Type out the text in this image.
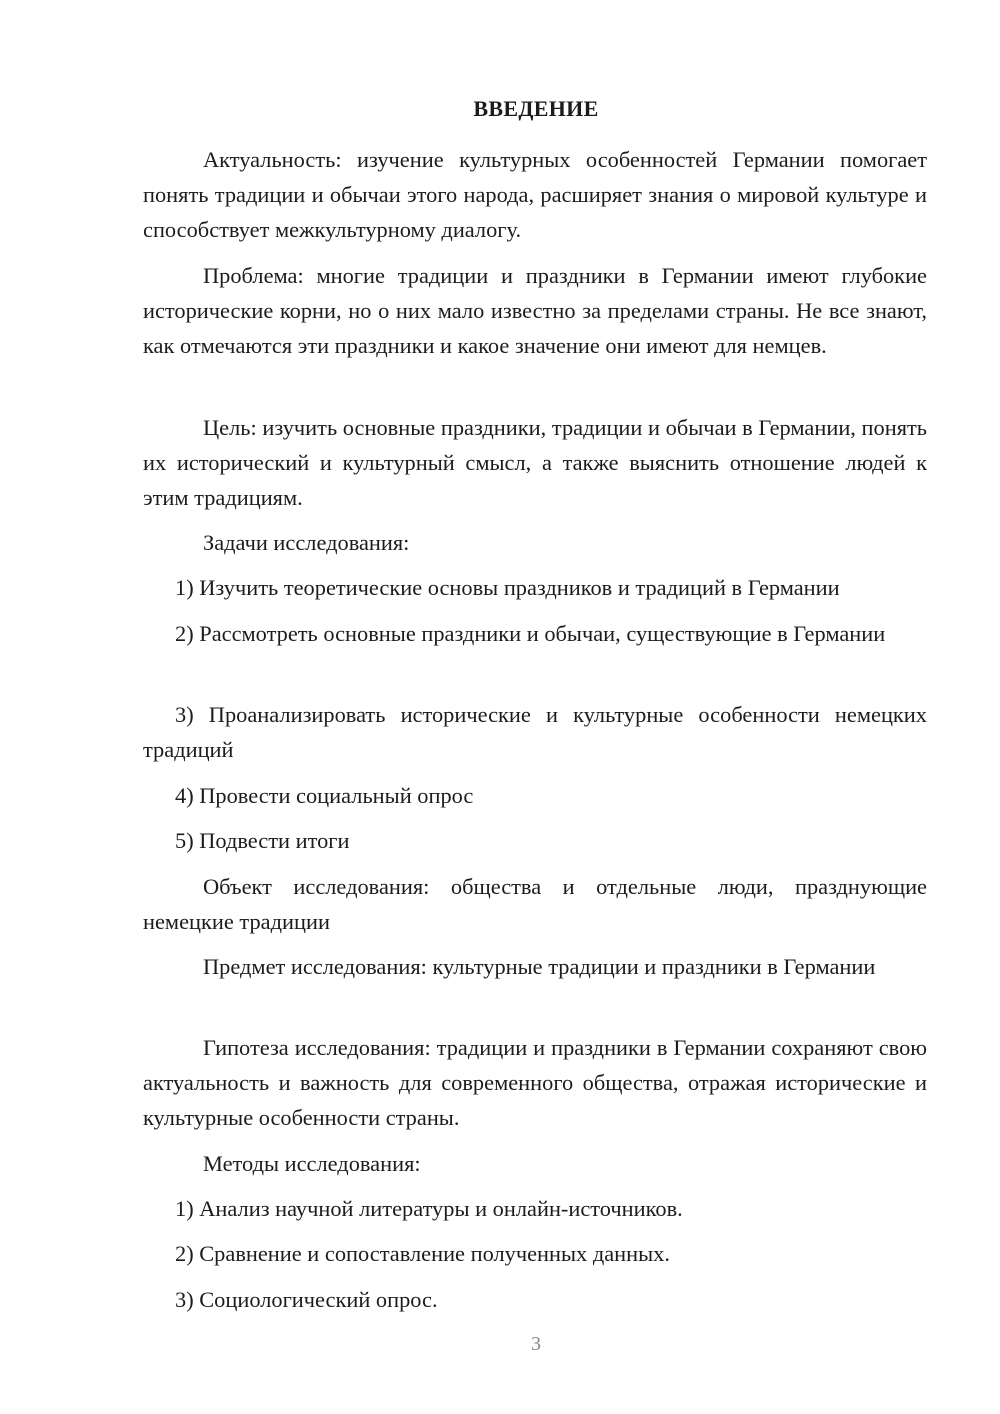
ВВЕДЕНИЕ

Актуальность: изучение культурных особенностей Германии помогает понять традиции и обычаи этого народа, расширяет знания о мировой культуре и способствует межкультурному диалогу.

Проблема: многие традиции и праздники в Германии имеют глубокие исторические корни, но о них мало известно за пределами страны. Не все знают, как отмечаются эти праздники и какое значение они имеют для немцев.

Цель: изучить основные праздники, традиции и обычаи в Германии, понять их исторический и культурный смысл, а также выяснить отношение людей к этим традициям.

Задачи исследования:

1) Изучить теоретические основы праздников и традиций в Германии

2) Рассмотреть основные праздники и обычаи, существующие в Германии

3) Проанализировать исторические и культурные особенности немецких традиций

4) Провести социальный опрос

5) Подвести итоги

Объект исследования: общества и отдельные люди, празднующие немецкие традиции

Предмет исследования: культурные традиции и праздники в Германии

Гипотеза исследования: традиции и праздники в Германии сохраняют свою актуальность и важность для современного общества, отражая исторические и культурные особенности страны.

Методы исследования:

1) Анализ научной литературы и онлайн-источников.

2) Сравнение и сопоставление полученных данных.

3) Социологический опрос.

3
